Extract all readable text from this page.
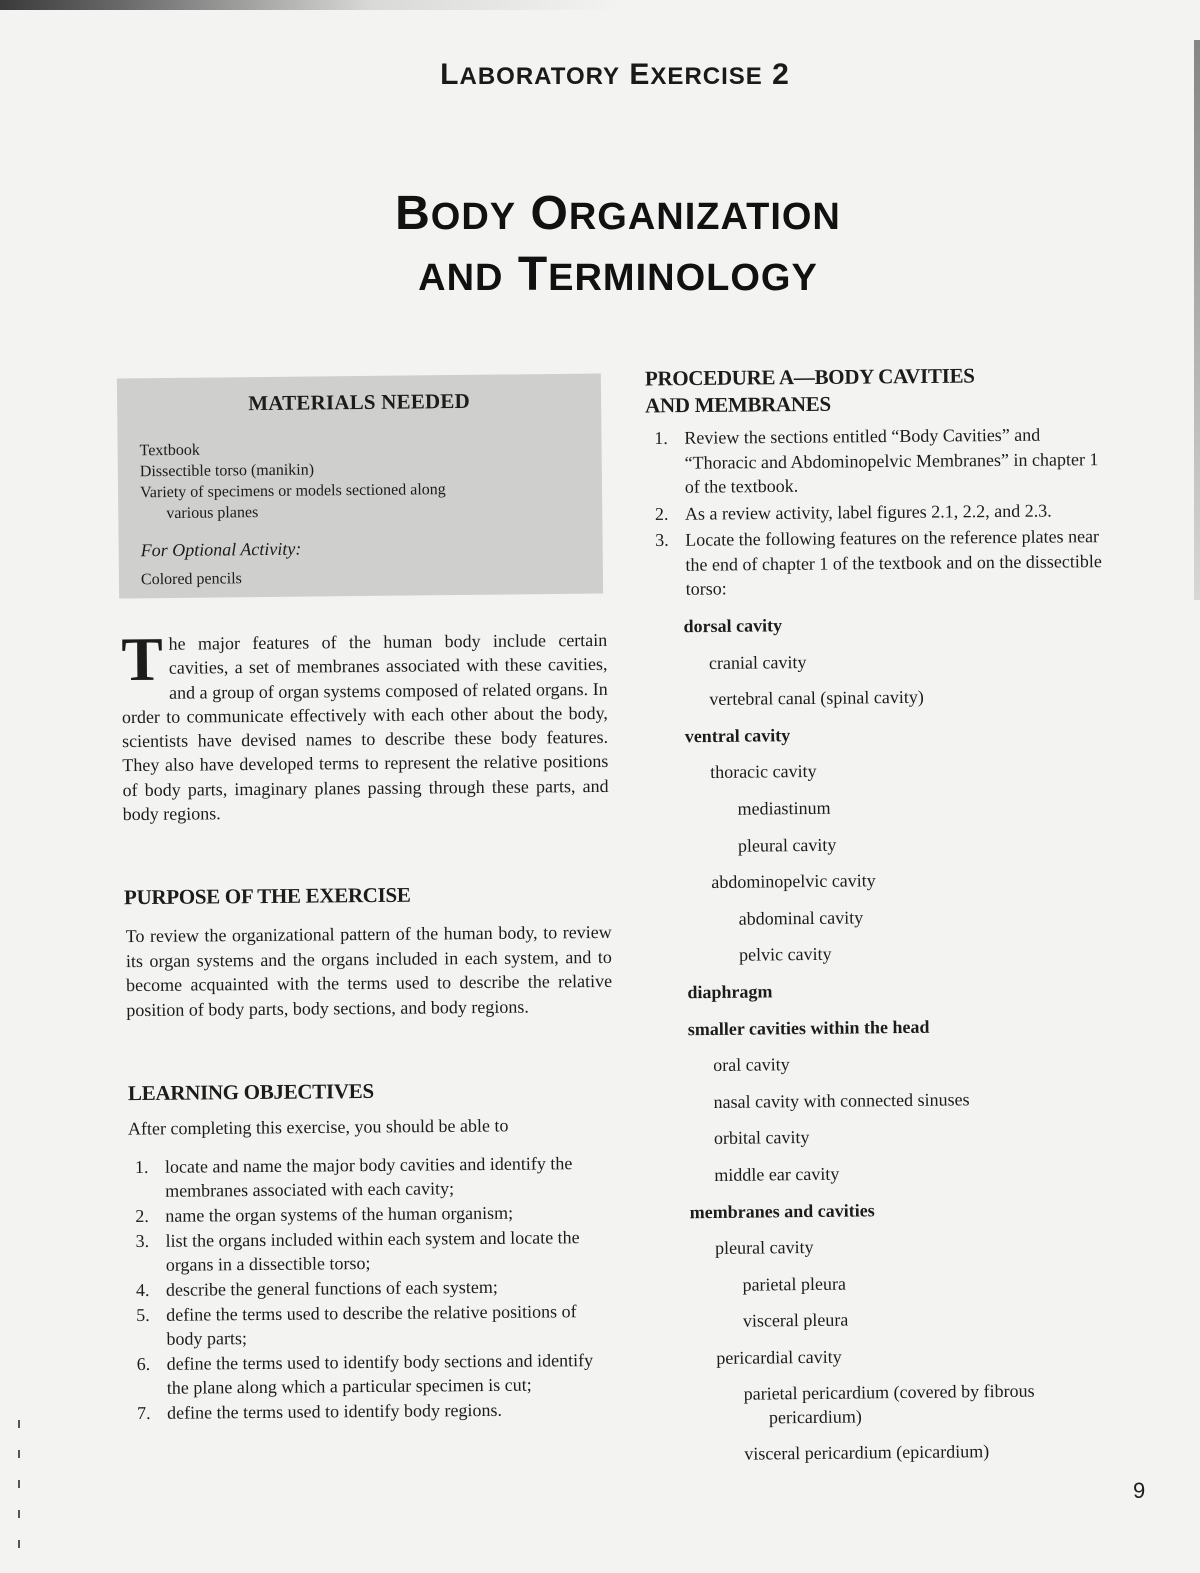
LABORATORY EXERCISE 2
BODY ORGANIZATION
AND TERMINOLOGY
MATERIALS NEEDED
Textbook
Dissectible torso (manikin)
Variety of specimens or models sectioned along
various planes
For Optional Activity:
Colored pencils
The major features of the human body include certain cavities, a set of membranes associated with these cavities, and a group of organ systems composed of related organs. In order to communicate effectively with each other about the body, scientists have devised names to describe these body features. They also have developed terms to represent the relative positions of body parts, imaginary planes passing through these parts, and body regions.
PURPOSE OF THE EXERCISE
To review the organizational pattern of the human body, to review its organ systems and the organs included in each system, and to become acquainted with the terms used to describe the relative position of body parts, body sections, and body regions.
LEARNING OBJECTIVES
After completing this exercise, you should be able to
1. locate and name the major body cavities and identify the membranes associated with each cavity;
2. name the organ systems of the human organism;
3. list the organs included within each system and locate the organs in a dissectible torso;
4. describe the general functions of each system;
5. define the terms used to describe the relative positions of body parts;
6. define the terms used to identify body sections and identify the plane along which a particular specimen is cut;
7. define the terms used to identify body regions.
PROCEDURE A—BODY CAVITIES
AND MEMBRANES
1. Review the sections entitled “Body Cavities” and “Thoracic and Abdominopelvic Membranes” in chapter 1 of the textbook.
2. As a review activity, label figures 2.1, 2.2, and 2.3.
3. Locate the following features on the reference plates near the end of chapter 1 of the textbook and on the dissectible torso:
dorsal cavity
cranial cavity
vertebral canal (spinal cavity)
ventral cavity
thoracic cavity
mediastinum
pleural cavity
abdominopelvic cavity
abdominal cavity
pelvic cavity
diaphragm
smaller cavities within the head
oral cavity
nasal cavity with connected sinuses
orbital cavity
middle ear cavity
membranes and cavities
pleural cavity
parietal pleura
visceral pleura
pericardial cavity
parietal pericardium (covered by fibrous
pericardium)
visceral pericardium (epicardium)
9
